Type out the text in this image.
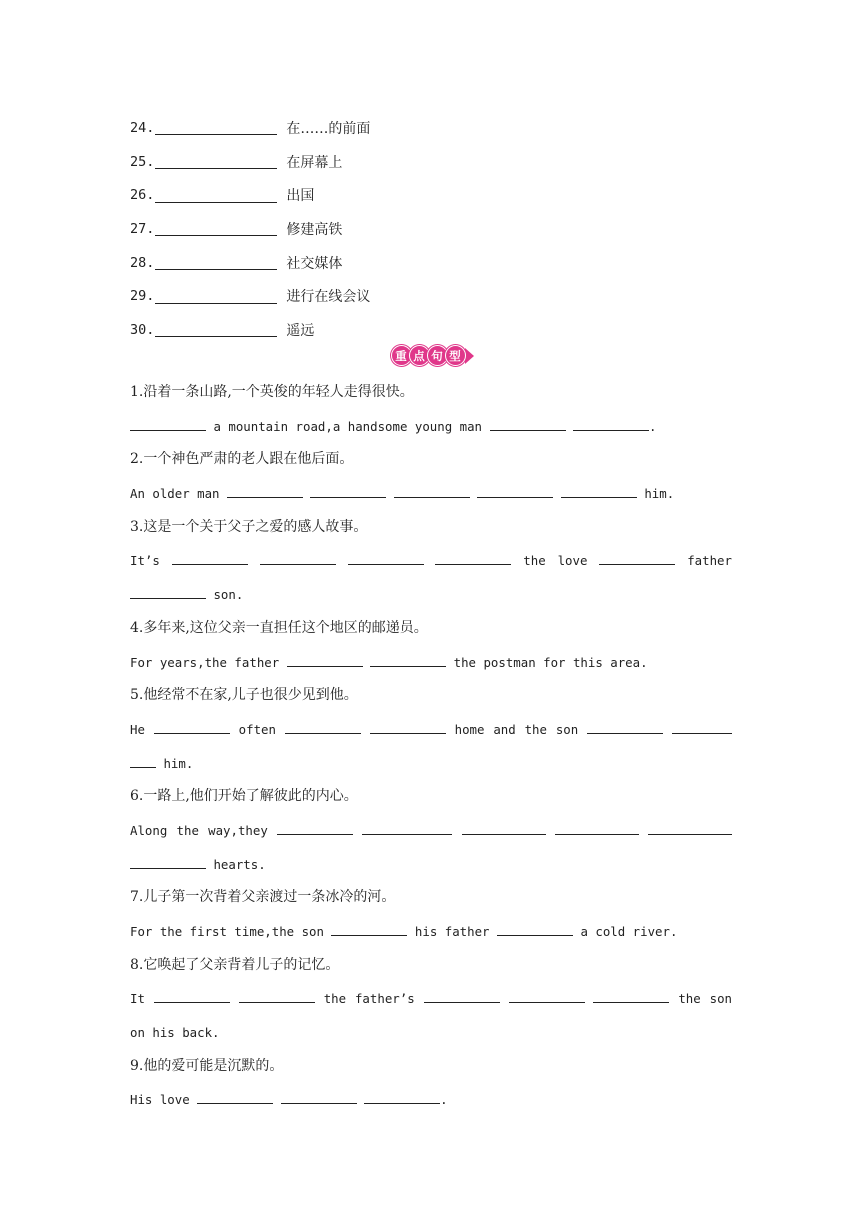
24.	在……的前面
25.	在屏幕上
26.	出国
27.	修建高铁
28.	社交媒体
29.	进行在线会议
30.	遥远
重 点 句 型
1.沿着一条山路,一个英俊的年轻人走得很快。
a mountain road,a handsome young man	.
2.一个神色严肃的老人跟在他后面。
An older man	him.
3.这是一个关于父子之爱的感人故事。
It’s	the love	father
son.
4.多年来,这位父亲一直担任这个地区的邮递员。
For years,the father	the postman for this area.
5.他经常不在家,儿子也很少见到他。
He	often	home and the son
him.
6.一路上,他们开始了解彼此的内心。
Along the way,they
hearts.
7.儿子第一次背着父亲渡过一条冰冷的河。
For the first time,the son	his father	a cold river.
8.它唤起了父亲背着儿子的记忆。
It	the father’s	the son
on his back.
9.他的爱可能是沉默的。
His love	.
